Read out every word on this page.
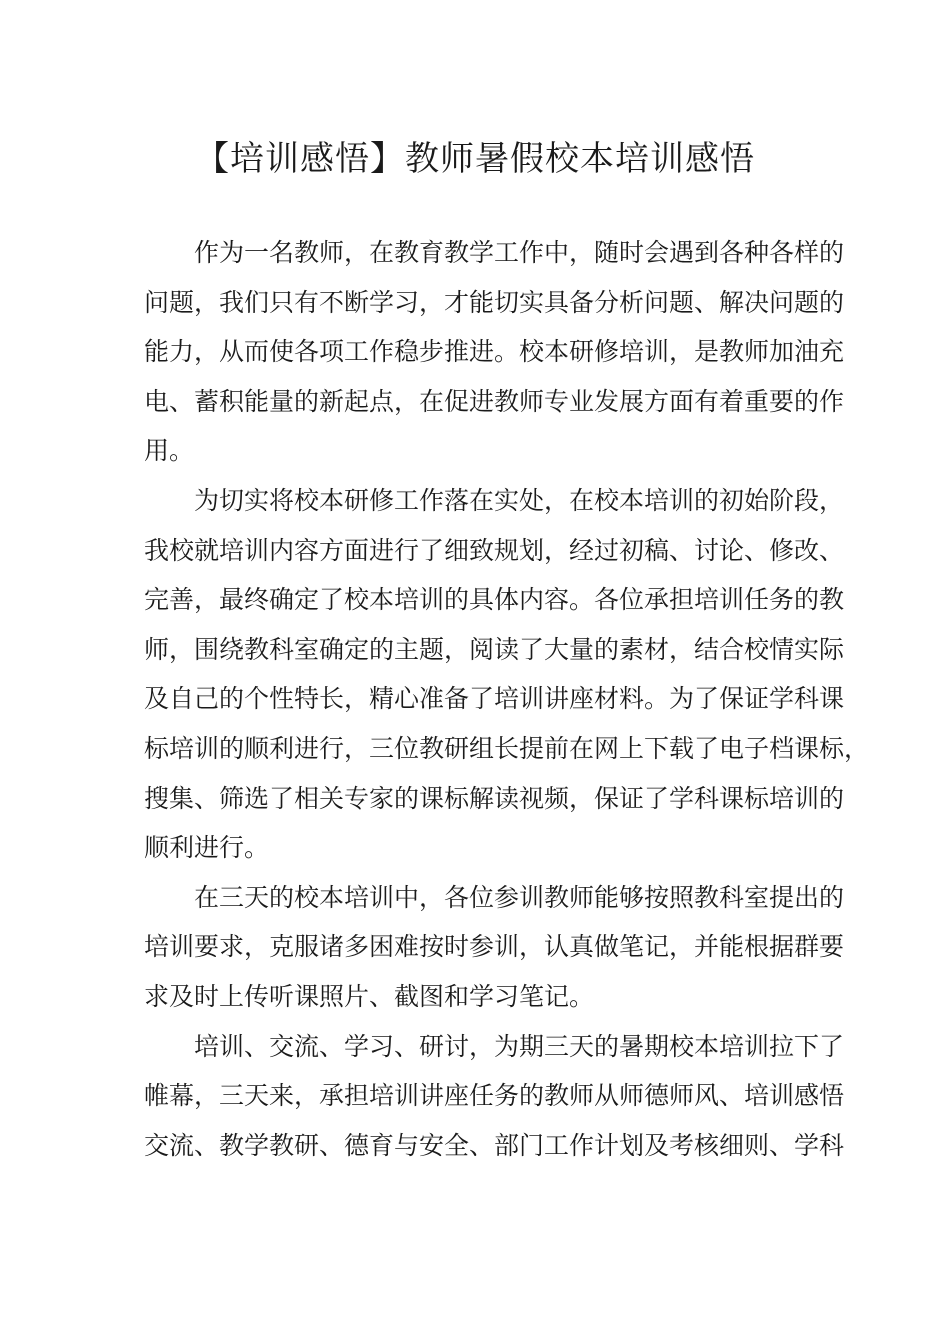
【培训感悟】教师暑假校本培训感悟
作为一名教师，在教育教学工作中，随时会遇到各种各样的
问题，我们只有不断学习，才能切实具备分析问题、解决问题的
能力，从而使各项工作稳步推进。校本研修培训，是教师加油充
电、蓄积能量的新起点，在促进教师专业发展方面有着重要的作
用。
为切实将校本研修工作落在实处，在校本培训的初始阶段，
我校就培训内容方面进行了细致规划，经过初稿、讨论、修改、
完善，最终确定了校本培训的具体内容。各位承担培训任务的教
师，围绕教科室确定的主题，阅读了大量的素材，结合校情实际
及自己的个性特长，精心准备了培训讲座材料。为了保证学科课
标培训的顺利进行，三位教研组长提前在网上下载了电子档课标，
搜集、筛选了相关专家的课标解读视频，保证了学科课标培训的
顺利进行。
在三天的校本培训中，各位参训教师能够按照教科室提出的
培训要求，克服诸多困难按时参训，认真做笔记，并能根据群要
求及时上传听课照片、截图和学习笔记。
培训、交流、学习、研讨，为期三天的暑期校本培训拉下了
帷幕，三天来，承担培训讲座任务的教师从师德师风、培训感悟
交流、教学教研、德育与安全、部门工作计划及考核细则、学科
